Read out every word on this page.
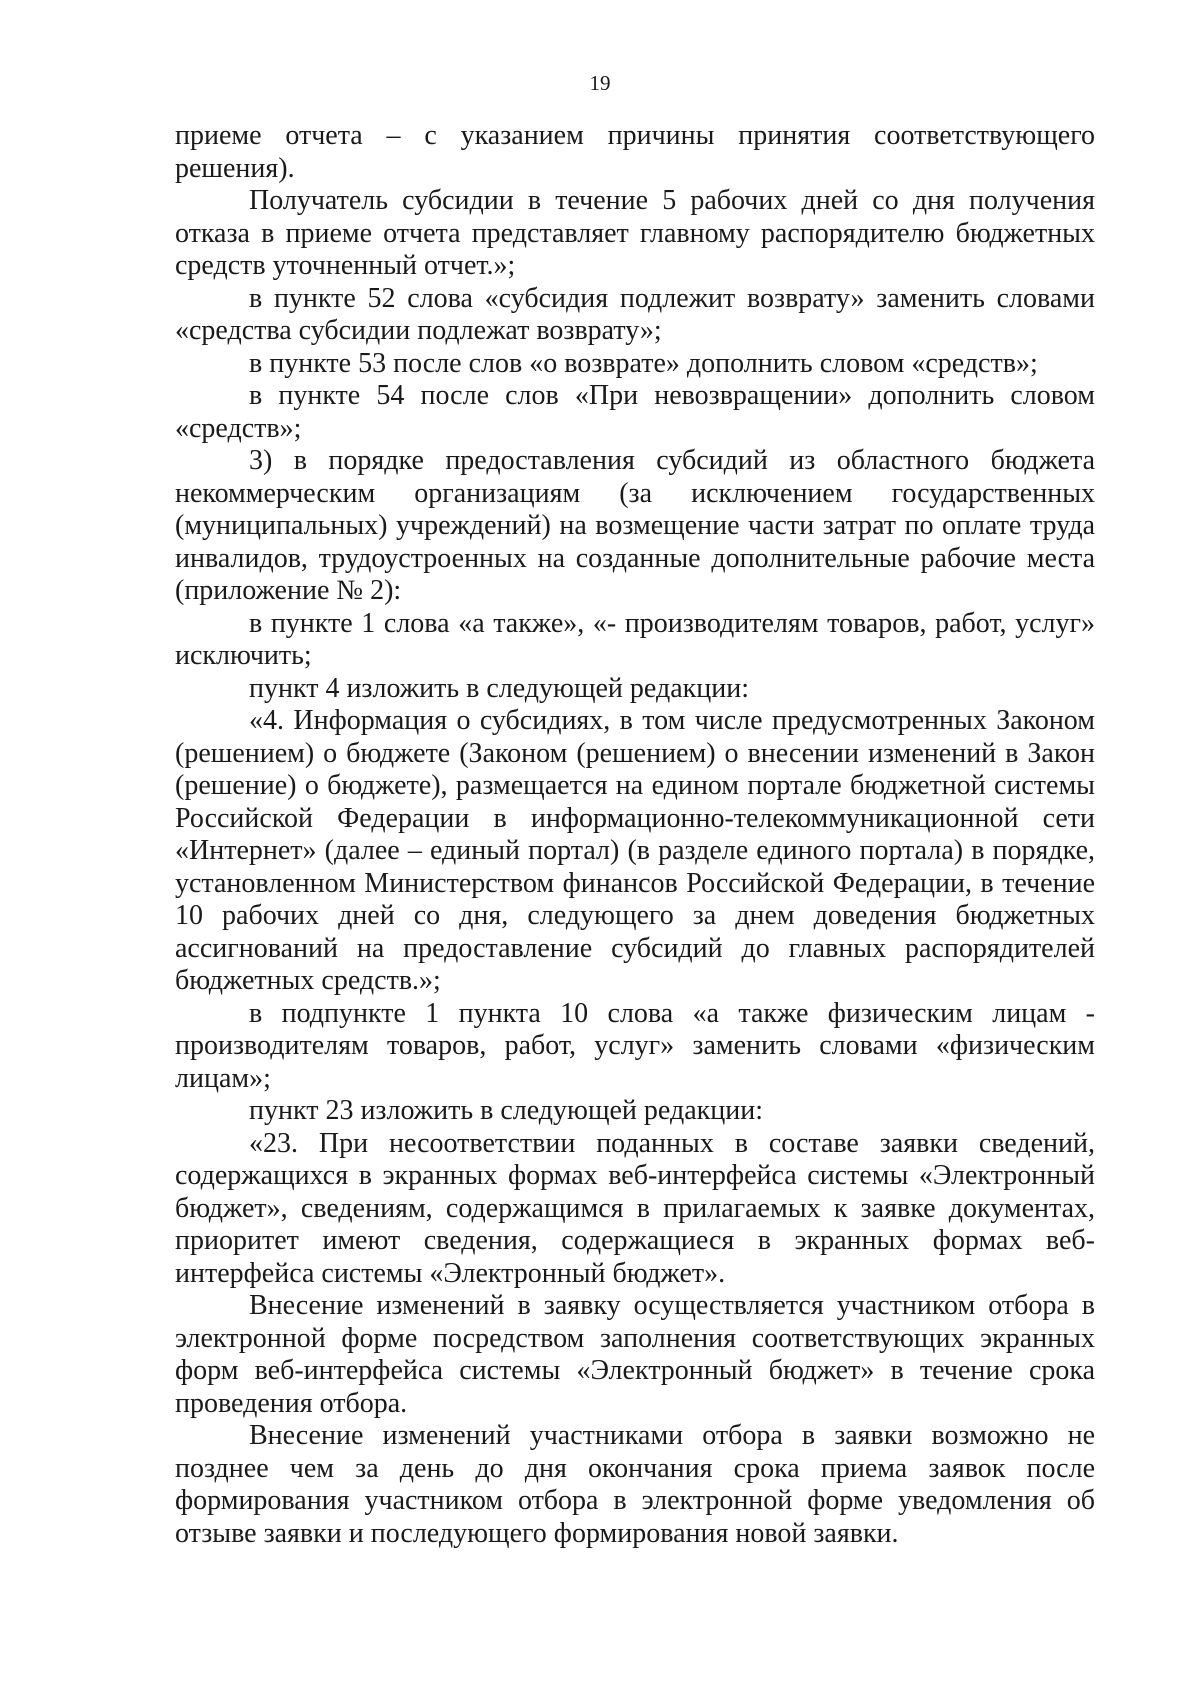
19

приеме отчета – с указанием причины принятия соответствующего решения).

Получатель субсидии в течение 5 рабочих дней со дня получения отказа в приеме отчета представляет главному распорядителю бюджетных средств уточненный отчет.»;

в пункте 52 слова «субсидия подлежит возврату» заменить словами «средства субсидии подлежат возврату»;

в пункте 53 после слов «о возврате» дополнить словом «средств»;

в пункте 54 после слов «При невозвращении» дополнить словом «средств»;

3) в порядке предоставления субсидий из областного бюджета некоммерческим организациям (за исключением государственных (муниципальных) учреждений) на возмещение части затрат по оплате труда инвалидов, трудоустроенных на созданные дополнительные рабочие места (приложение № 2):

в пункте 1 слова «а также», «- производителям товаров, работ, услуг» исключить;

пункт 4 изложить в следующей редакции:

«4. Информация о субсидиях, в том числе предусмотренных Законом (решением) о бюджете (Законом (решением) о внесении изменений в Закон (решение) о бюджете), размещается на едином портале бюджетной системы Российской Федерации в информационно-телекоммуникационной сети «Интернет» (далее – единый портал) (в разделе единого портала) в порядке, установленном Министерством финансов Российской Федерации, в течение 10 рабочих дней со дня, следующего за днем доведения бюджетных ассигнований на предоставление субсидий до главных распорядителей бюджетных средств.»;

в подпункте 1 пункта 10 слова «а также физическим лицам - производителям товаров, работ, услуг» заменить словами «физическим лицам»;

пункт 23 изложить в следующей редакции:

«23. При несоответствии поданных в составе заявки сведений, содержащихся в экранных формах веб-интерфейса системы «Электронный бюджет», сведениям, содержащимся в прилагаемых к заявке документах, приоритет имеют сведения, содержащиеся в экранных формах веб-интерфейса системы «Электронный бюджет».

Внесение изменений в заявку осуществляется участником отбора в электронной форме посредством заполнения соответствующих экранных форм веб-интерфейса системы «Электронный бюджет» в течение срока проведения отбора.

Внесение изменений участниками отбора в заявки возможно не позднее чем за день до дня окончания срока приема заявок после формирования участником отбора в электронной форме уведомления об отзыве заявки и последующего формирования новой заявки.
